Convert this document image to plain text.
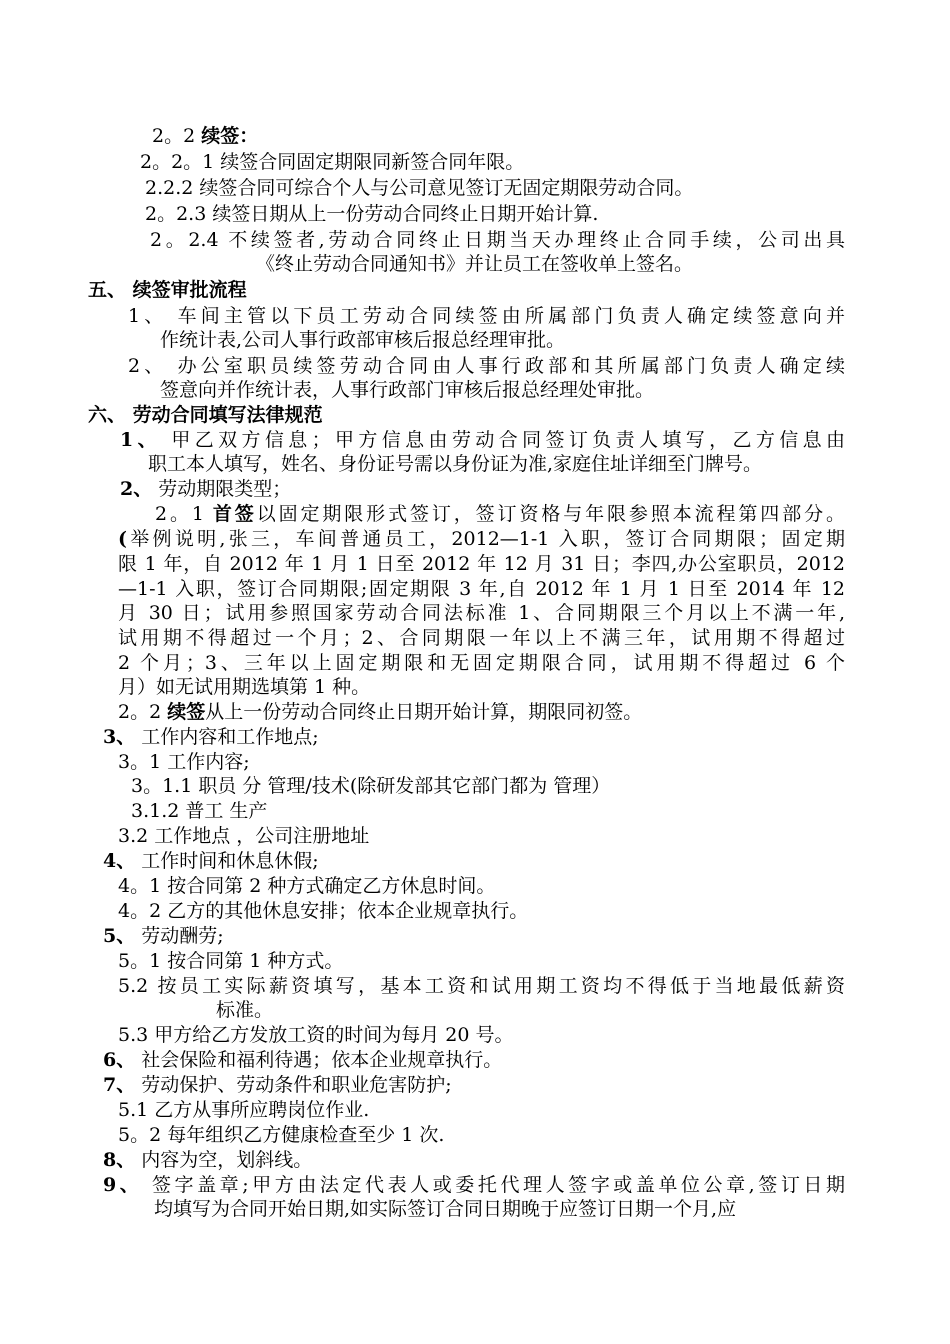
2。2 续签：
2。2。1 续签合同固定期限同新签合同年限。
2.2.2 续签合同可综合个人与公司意见签订无固定期限劳动合同。
2。2.3 续签日期从上一份劳动合同终止日期开始计算.
2。2.4 不续签者,劳动合同终止日期当天办理终止合同手续，公司出具
《终止劳动合同通知书》并让员工在签收单上签名。
五、 续签审批流程
1、 车间主管以下员工劳动合同续签由所属部门负责人确定续签意向并
作统计表,公司人事行政部审核后报总经理审批。
2、 办公室职员续签劳动合同由人事行政部和其所属部门负责人确定续
签意向并作统计表，人事行政部门审核后报总经理处审批。
六、 劳动合同填写法律规范
1、 甲乙双方信息；甲方信息由劳动合同签订负责人填写，乙方信息由
职工本人填写，姓名、身份证号需以身份证为准,家庭住址详细至门牌号。
2、 劳动期限类型；
2。1 首签以固定期限形式签订，签订资格与年限参照本流程第四部分。
(举例说明,张三，车间普通员工，2012—1-1 入职，签订合同期限；固定期
限 1 年，自 2012 年 1 月 1 日至 2012 年 12 月 31 日；李四,办公室职员，2012
—1-1 入职，签订合同期限;固定期限 3 年,自 2012 年 1 月 1 日至 2014 年 12
月 30 日；试用参照国家劳动合同法标准 1、合同期限三个月以上不满一年,
试用期不得超过一个月；2、合同期限一年以上不满三年，试用期不得超过
2 个月；3、三年以上固定期限和无固定期限合同，试用期不得超过 6 个
月）如无试用期选填第 1 种。
2。2 续签从上一份劳动合同终止日期开始计算，期限同初签。
3、 工作内容和工作地点;
3。1 工作内容;
3。1.1 职员 分 管理/技术(除研发部其它部门都为 管理）
3.1.2 普工 生产
3.2 工作地点 ，公司注册地址
4、 工作时间和休息休假;
4。1 按合同第 2 种方式确定乙方休息时间。
4。2 乙方的其他休息安排；依本企业规章执行。
5、 劳动酬劳;
5。1 按合同第 1 种方式。
5.2 按员工实际薪资填写，基本工资和试用期工资均不得低于当地最低薪资
标准。
5.3 甲方给乙方发放工资的时间为每月 20 号。
6、 社会保险和福利待遇；依本企业规章执行。
7、 劳动保护、劳动条件和职业危害防护;
5.1 乙方从事所应聘岗位作业.
5。2 每年组织乙方健康检查至少 1 次.
8、 内容为空，划斜线。
9、 签字盖章;甲方由法定代表人或委托代理人签字或盖单位公章,签订日期
均填写为合同开始日期,如实际签订合同日期晚于应签订日期一个月,应
